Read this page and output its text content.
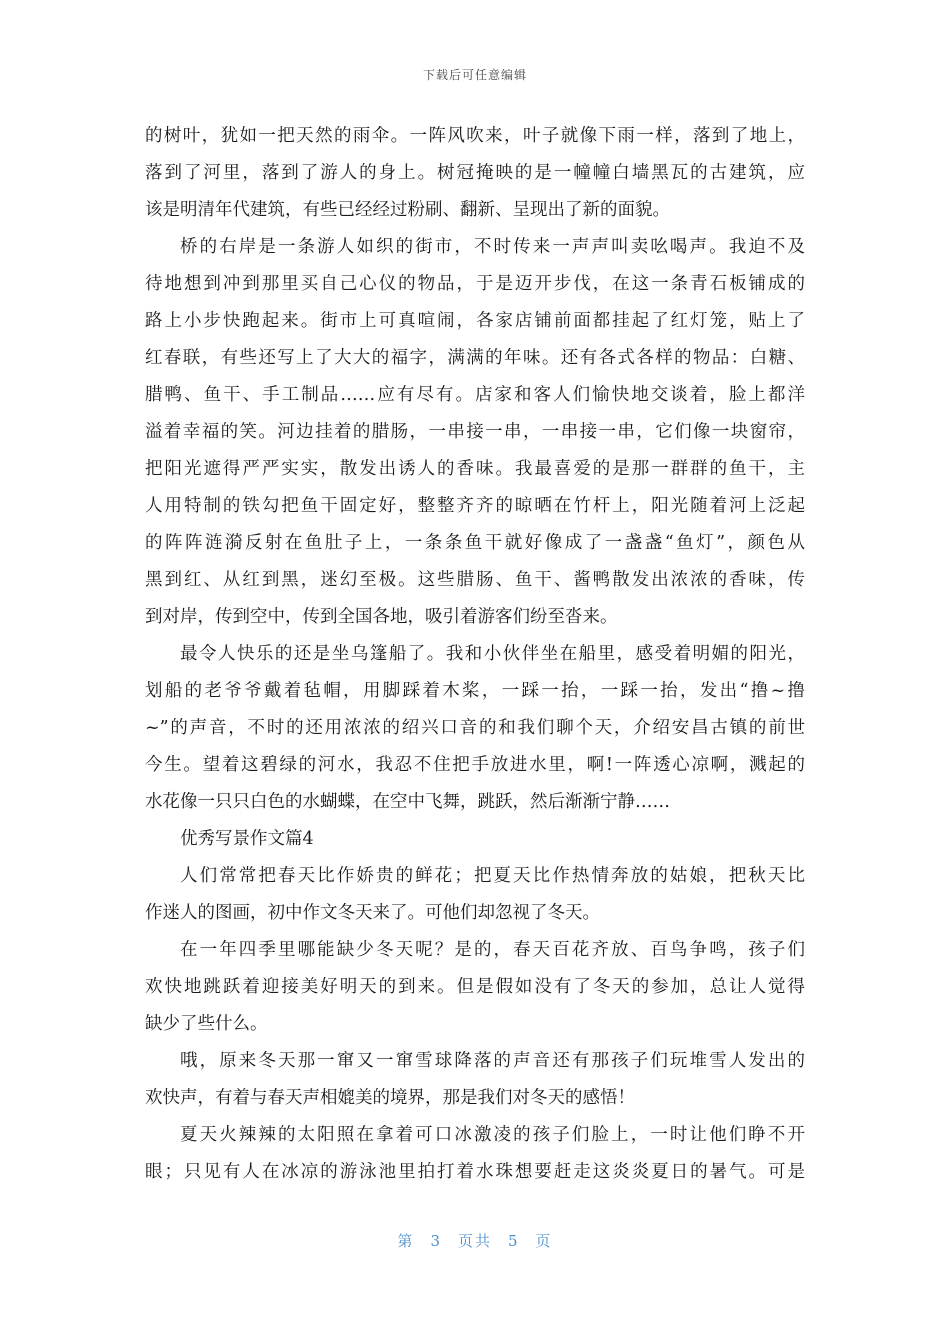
下载后可任意编辑
的树叶，犹如一把天然的雨伞。一阵风吹来，叶子就像下雨一样，落到了地上，
落到了河里，落到了游人的身上。树冠掩映的是一幢幢白墙黑瓦的古建筑，应
该是明清年代建筑，有些已经经过粉刷、翻新、呈现出了新的面貌。
桥的右岸是一条游人如织的街市，不时传来一声声叫卖吆喝声。我迫不及
待地想到冲到那里买自己心仪的物品，于是迈开步伐，在这一条青石板铺成的
路上小步快跑起来。街市上可真喧闹，各家店铺前面都挂起了红灯笼，贴上了
红春联，有些还写上了大大的福字，满满的年味。还有各式各样的物品：白糖、
腊鸭、鱼干、手工制品……应有尽有。店家和客人们愉快地交谈着，脸上都洋
溢着幸福的笑。河边挂着的腊肠，一串接一串，一串接一串，它们像一块窗帘，
把阳光遮得严严实实，散发出诱人的香味。我最喜爱的是那一群群的鱼干，主
人用特制的铁勾把鱼干固定好，整整齐齐的晾晒在竹杆上，阳光随着河上泛起
的阵阵涟漪反射在鱼肚子上，一条条鱼干就好像成了一盏盏“鱼灯”，颜色从
黑到红、从红到黑，迷幻至极。这些腊肠、鱼干、酱鸭散发出浓浓的香味，传
到对岸，传到空中，传到全国各地，吸引着游客们纷至沓来。
最令人快乐的还是坐乌篷船了。我和小伙伴坐在船里，感受着明媚的阳光，
划船的老爷爷戴着毡帽，用脚踩着木桨，一踩一抬，一踩一抬，发出“撸~撸
~”的声音，不时的还用浓浓的绍兴口音的和我们聊个天，介绍安昌古镇的前世
今生。望着这碧绿的河水，我忍不住把手放进水里，啊!一阵透心凉啊，溅起的
水花像一只只白色的水蝴蝶，在空中飞舞，跳跃，然后渐渐宁静……
优秀写景作文篇4
人们常常把春天比作娇贵的鲜花；把夏天比作热情奔放的姑娘，把秋天比
作迷人的图画，初中作文冬天来了。可他们却忽视了冬天。
在一年四季里哪能缺少冬天呢？是的，春天百花齐放、百鸟争鸣，孩子们
欢快地跳跃着迎接美好明天的到来。但是假如没有了冬天的参加，总让人觉得
缺少了些什么。
哦，原来冬天那一窜又一窜雪球降落的声音还有那孩子们玩堆雪人发出的
欢快声，有着与春天声相媲美的境界，那是我们对冬天的感悟！
夏天火辣辣的太阳照在拿着可口冰激凌的孩子们脸上，一时让他们睁不开
眼；只见有人在冰凉的游泳池里拍打着水珠想要赶走这炎炎夏日的暑气。可是
第 3 页共 5 页
